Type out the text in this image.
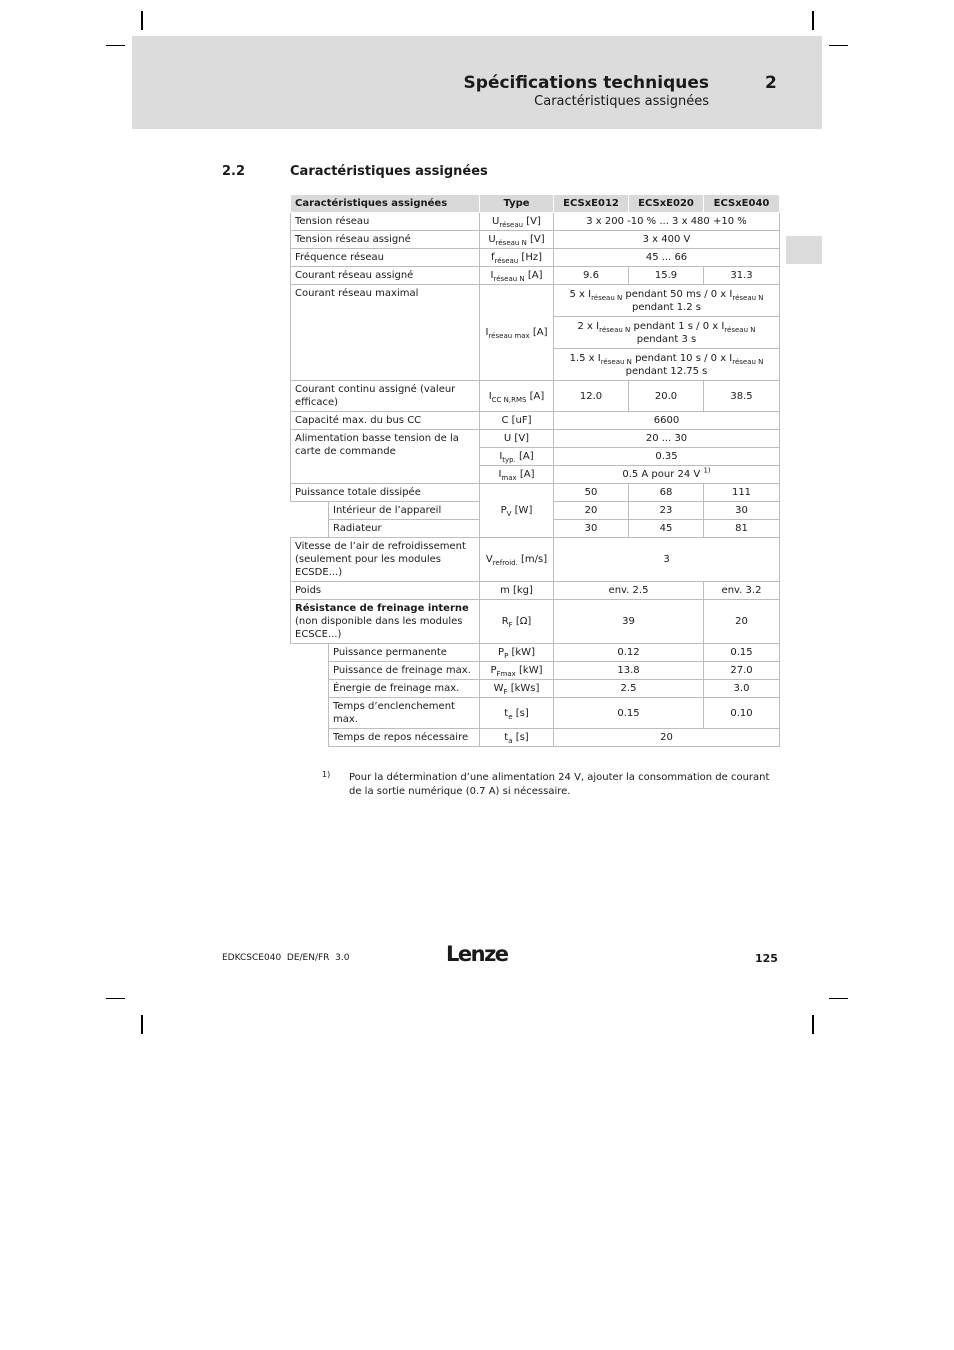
Spécifications techniques	2
Caractéristiques assignées
2.2	Caractéristiques assignées
Caractéristiques assignées		Type	ECSxE012	ECSxE020	ECSxE040
Tension réseau		$U_{réseau}$ [V]	3 x 200 -10 % ... 3 x 480 +10 %		
Tension réseau assigné		$U_{réseau N}$ [V]	3 x 400 V		
Fréquence réseau		$f_{réseau}$ [Hz]	45 ... 66		
Courant réseau assigné		$I_{réseau N}$ [A]	9.6	15.9	31.3
Courant réseau maximal		$I_{réseau max}$ [A]	5 x $I_{réseau N}$ pendant 50 ms / 0 x $I_{réseau N}$
pendant 1.2 s		
			2 x $I_{réseau N}$ pendant 1 s / 0 x $I_{réseau N}$
pendant 3 s		
			1.5 x $I_{réseau N}$ pendant 10 s / 0 x $I_{réseau N}$
pendant 12.75 s		
Courant continu assigné (valeur efficace)		$I_{CC N,RMS}$ [A]	12.0	20.0	38.5
Capacité max. du bus CC		C [uF]	6600		
Alimentation basse tension de la carte de commande		U [V]	20 ... 30		
		$I_{typ.}$ [A]	0.35		
		$I_{max}$ [A]	0.5 A pour 24 V $^{1)}$
Puissance totale dissipée		$P_V$ [W]	50	68	111
	Intérieur de l’appareil		20	23	30
	Radiateur		30	45	81
Vitesse de l’air de refroidissement (seulement pour les modules ECSDE...)		$V_{refroid.}$ [m/s]	3		
Poids		m [kg]	env. 2.5		env. 3.2
Résistance de freinage interne
(non disponible dans les modules ECSCE...)		$R_F$ [Ω]	39		20
	Puissance permanente	$P_P$ [kW]	0.12		0.15
	Puissance de freinage max.	$P_{Fmax}$ [kW]	13.8		27.0
	Énergie de freinage max.	$W_F$ [kWs]	2.5		3.0
	Temps d’enclenchement max.	$t_e$ [s]	0.15		0.10
	Temps de repos nécessaire	$t_a$ [s]	20		
1) Pour la détermination d’une alimentation 24 V, ajouter la consommation de courant de la sortie numérique (0.7 A) si nécessaire.
EDKCSCE040  DE/EN/FR  3.0	Lenze	125
